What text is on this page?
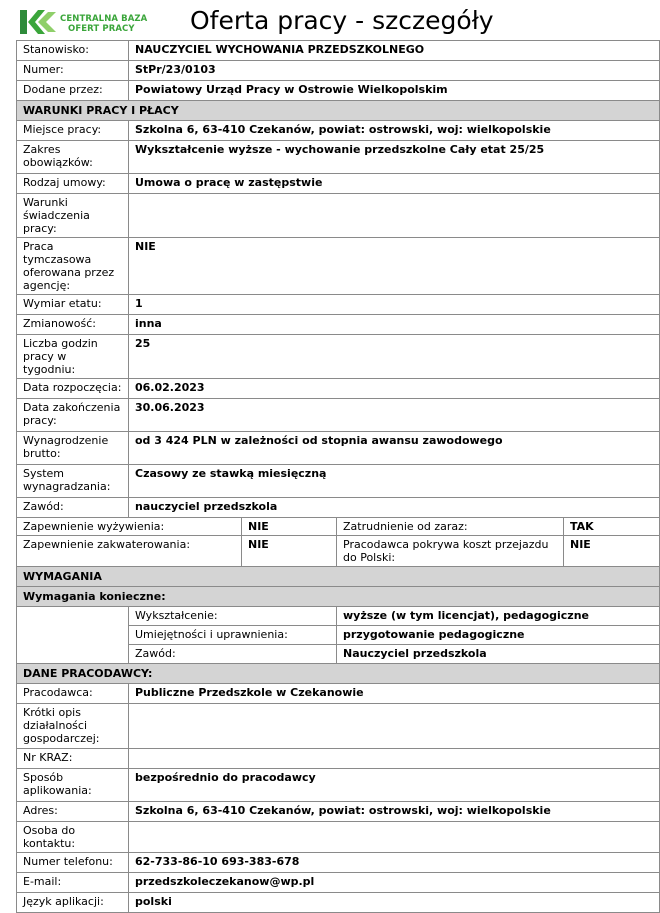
CENTRALNA BAZA
OFERT PRACY	Oferta pracy - szczegóły
Stanowisko:	NAUCZYCIEL WYCHOWANIA PRZEDSZKOLNEGO			
Numer:	StPr/23/0103			
Dodane przez:	Powiatowy Urząd Pracy w Ostrowie Wielkopolskim			
WARUNKI PRACY I PŁACY				
Miejsce pracy:	Szkolna 6, 63-410 Czekanów, powiat: ostrowski, woj: wielkopolskie			
Zakres obowiązków:	Wykształcenie wyższe - wychowanie przedszkolne Cały etat 25/25			
Rodzaj umowy:	Umowa o pracę w zastępstwie			
Warunki świadczenia pracy:				
Praca tymczasowa oferowana przez agencję:	NIE			
Wymiar etatu:	1			
Zmianowość:	inna			
Liczba godzin pracy w tygodniu:	25			
Data rozpoczęcia:	06.02.2023			
Data zakończenia pracy:	30.06.2023			
Wynagrodzenie brutto:	od 3 424 PLN w zależności od stopnia awansu zawodowego			
System wynagradzania:	Czasowy ze stawką miesięczną			
Zawód:	nauczyciel przedszkola			
Zapewnienie wyżywienia:		NIE	Zatrudnienie od zaraz:	TAK
Zapewnienie zakwaterowania:		NIE	Pracodawca pokrywa koszt przejazdu do Polski:	NIE
WYMAGANIA				
Wymagania konieczne:				
	Wykształcenie:		wyższe (w tym licencjat), pedagogiczne	
	Umiejętności i uprawnienia:		przygotowanie pedagogiczne	
	Zawód:		Nauczyciel przedszkola	
DANE PRACODAWCY:				
Pracodawca:	Publiczne Przedszkole w Czekanowie			
Krótki opis działalności gospodarczej:				
Nr KRAZ:				
Sposób aplikowania:	bezpośrednio do pracodawcy			
Adres:	Szkolna 6, 63-410 Czekanów, powiat: ostrowski, woj: wielkopolskie			
Osoba do kontaktu:				
Numer telefonu:	62-733-86-10 693-383-678			
E-mail:	przedszkoleczekanow@wp.pl			
Język aplikacji:	polski			
